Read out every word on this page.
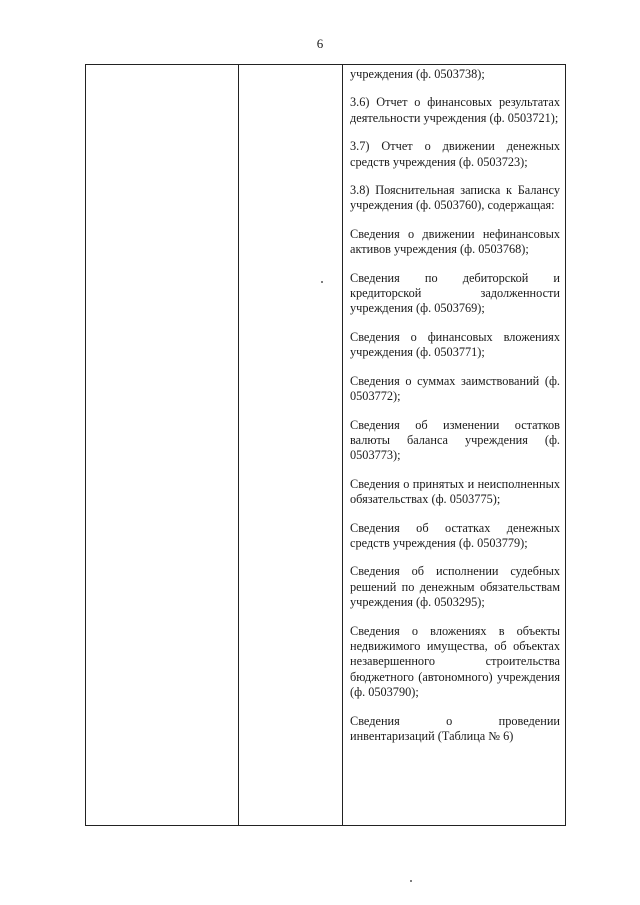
6

учреждения (ф. 0503738);

3.6) Отчет о финансовых результатах деятельности учреждения (ф. 0503721);

3.7) Отчет о движении денежных средств учреждения (ф. 0503723);

3.8) Пояснительная записка к Балансу учреждения (ф. 0503760), содержащая:

Сведения о движении нефинансовых активов учреждения (ф. 0503768);

Сведения по дебиторской и кредиторской задолженности учреждения (ф. 0503769);

Сведения о финансовых вложениях учреждения (ф. 0503771);

Сведения о суммах заимствований (ф. 0503772);

Сведения об изменении остатков валюты баланса учреждения (ф. 0503773);

Сведения о принятых и неисполненных обязательствах (ф. 0503775);

Сведения об остатках денежных средств учреждения (ф. 0503779);

Сведения об исполнении судебных решений по денежным обязательствам учреждения (ф. 0503295);

Сведения о вложениях в объекты недвижимого имущества, об объектах незавершенного строительства бюджетного (автономного) учреждения (ф. 0503790);

Сведения о проведении инвентаризаций (Таблица № 6)
